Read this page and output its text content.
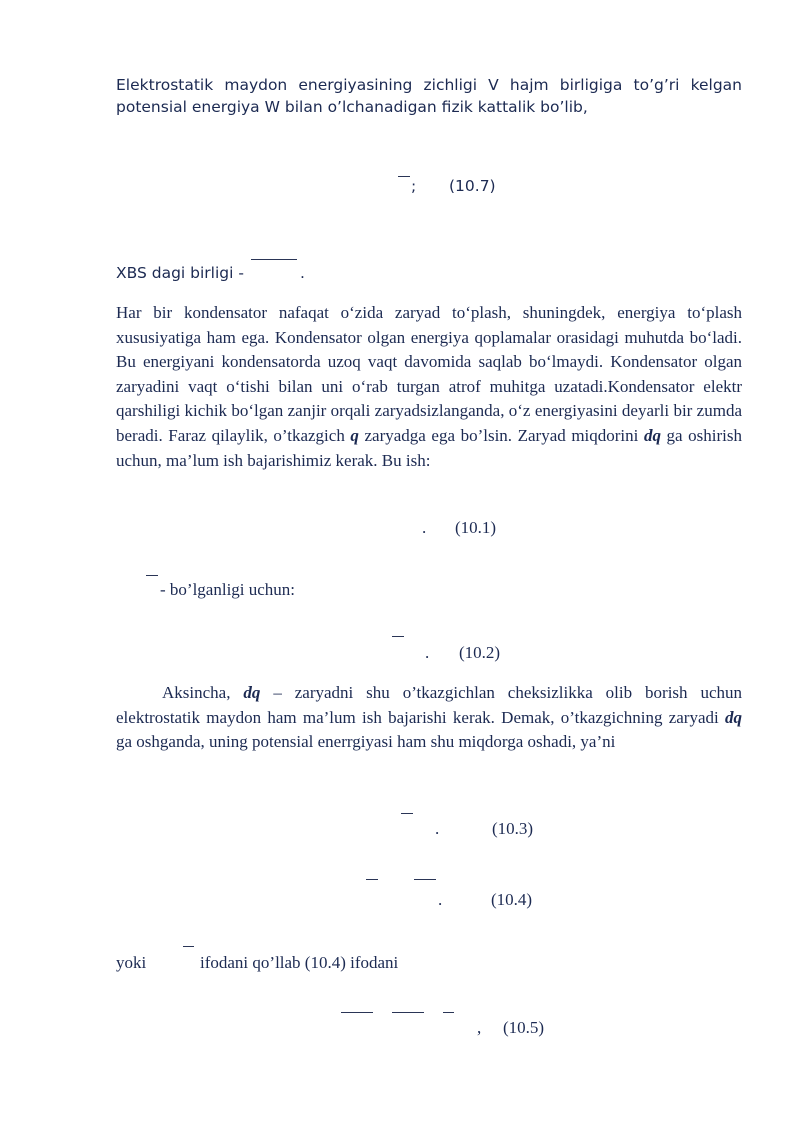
Elektrostatik maydon energiyasining zichligi V hajm birligiga to’g’ri kelgan potensial energiya W bilan o’lchanadigan fizik kattalik bo’lib,
; (10.7)
XBS dagi birligi -	.
Har bir kondensator nafaqat o‘zida zaryad to‘plash, shuningdek, energiya to‘plash xususiyatiga ham ega. Kondensator olgan energiya qoplamalar orasidagi muhutda bo‘ladi. Bu energiyani kondensatorda uzoq vaqt davomida saqlab bo‘lmaydi. Kondensator olgan zaryadini vaqt o‘tishi bilan uni o‘rab turgan atrof muhitga uzatadi.Kondensator elektr qarshiligi kichik bo‘lgan zanjir orqali zaryadsizlanganda, o‘z energiyasini deyarli bir zumda beradi. Faraz qilaylik, o’tkazgich q zaryadga ega bo’lsin. Zaryad miqdorini dq ga oshirish uchun, ma’lum ish bajarishimiz kerak. Bu ish:
. (10.1)
- bo’lganligi uchun:
. (10.2)
Aksincha, dq – zaryadni shu o’tkazgichlan cheksizlikka olib borish uchun elektrostatik maydon ham ma’lum ish bajarishi kerak. Demak, o’tkazgichning zaryadi dq ga oshganda, uning potensial enerrgiyasi ham shu miqdorga oshadi, ya’ni
.	(10.3)
.	(10.4)
yoki	ifodani qo’llab (10.4) ifodani
, (10.5)
